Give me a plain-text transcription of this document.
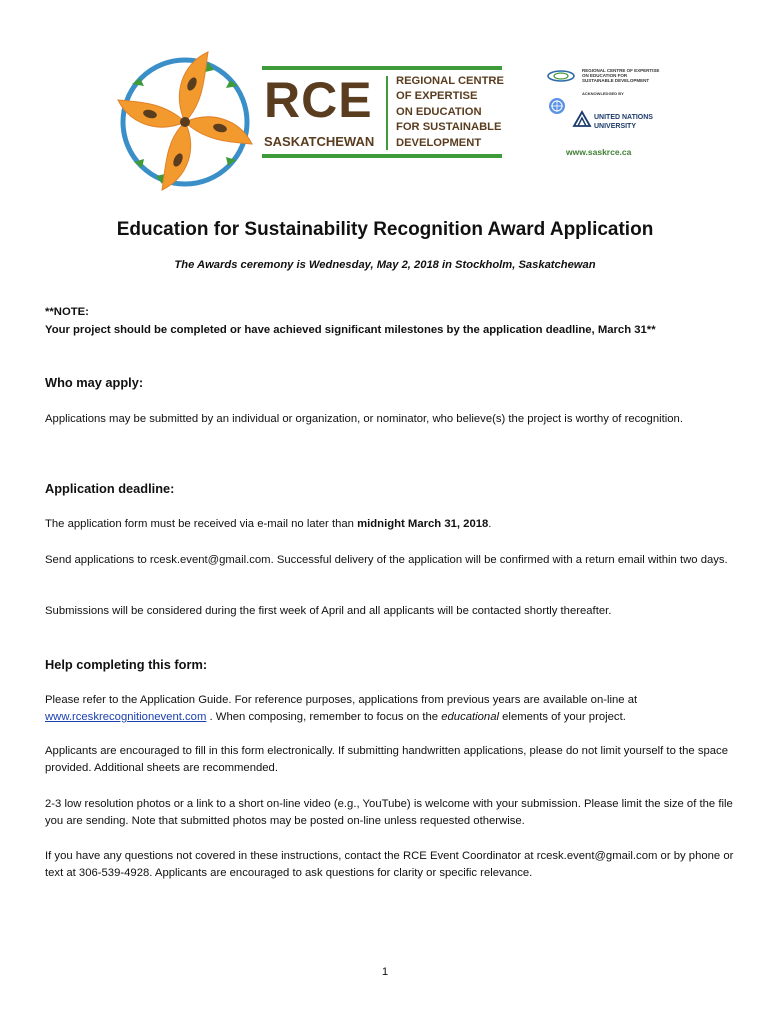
RCE
SASKATCHEWAN
REGIONAL CENTRE
OF EXPERTISE
ON EDUCATION
FOR SUSTAINABLE
DEVELOPMENT
REGIONAL CENTRE OF EXPERTISE
ON EDUCATION FOR
SUSTAINABLE DEVELOPMENT
ACKNOWLEDGED BY
UNITED NATIONS
UNIVERSITY
www.saskrce.ca
Education for Sustainability Recognition Award Application
The Awards ceremony is Wednesday, May 2, 2018 in Stockholm, Saskatchewan
**NOTE:
Your project should be completed or have achieved significant milestones by the application deadline, March 31**
Who may apply:
Applications may be submitted by an individual or organization, or nominator, who believe(s) the project is worthy of recognition.
Application deadline:
The application form must be received via e-mail no later than midnight March 31, 2018.
Send applications to rcesk.event@gmail.com. Successful delivery of the application will be confirmed with a return email within two days.
Submissions will be considered during the first week of April and all applicants will be contacted shortly thereafter.
Help completing this form:
Please refer to the Application Guide. For reference purposes, applications from previous years are available on-line at www.rceskrecognitionevent.com . When composing, remember to focus on the educational elements of your project.
Applicants are encouraged to fill in this form electronically. If submitting handwritten applications, please do not limit yourself to the space provided. Additional sheets are recommended.
2-3 low resolution photos or a link to a short on-line video (e.g., YouTube) is welcome with your submission. Please limit the size of the file you are sending. Note that submitted photos may be posted on-line unless requested otherwise.
If you have any questions not covered in these instructions, contact the RCE Event Coordinator at rcesk.event@gmail.com or by phone or text at 306-539-4928. Applicants are encouraged to ask questions for clarity or specific relevance.
1
